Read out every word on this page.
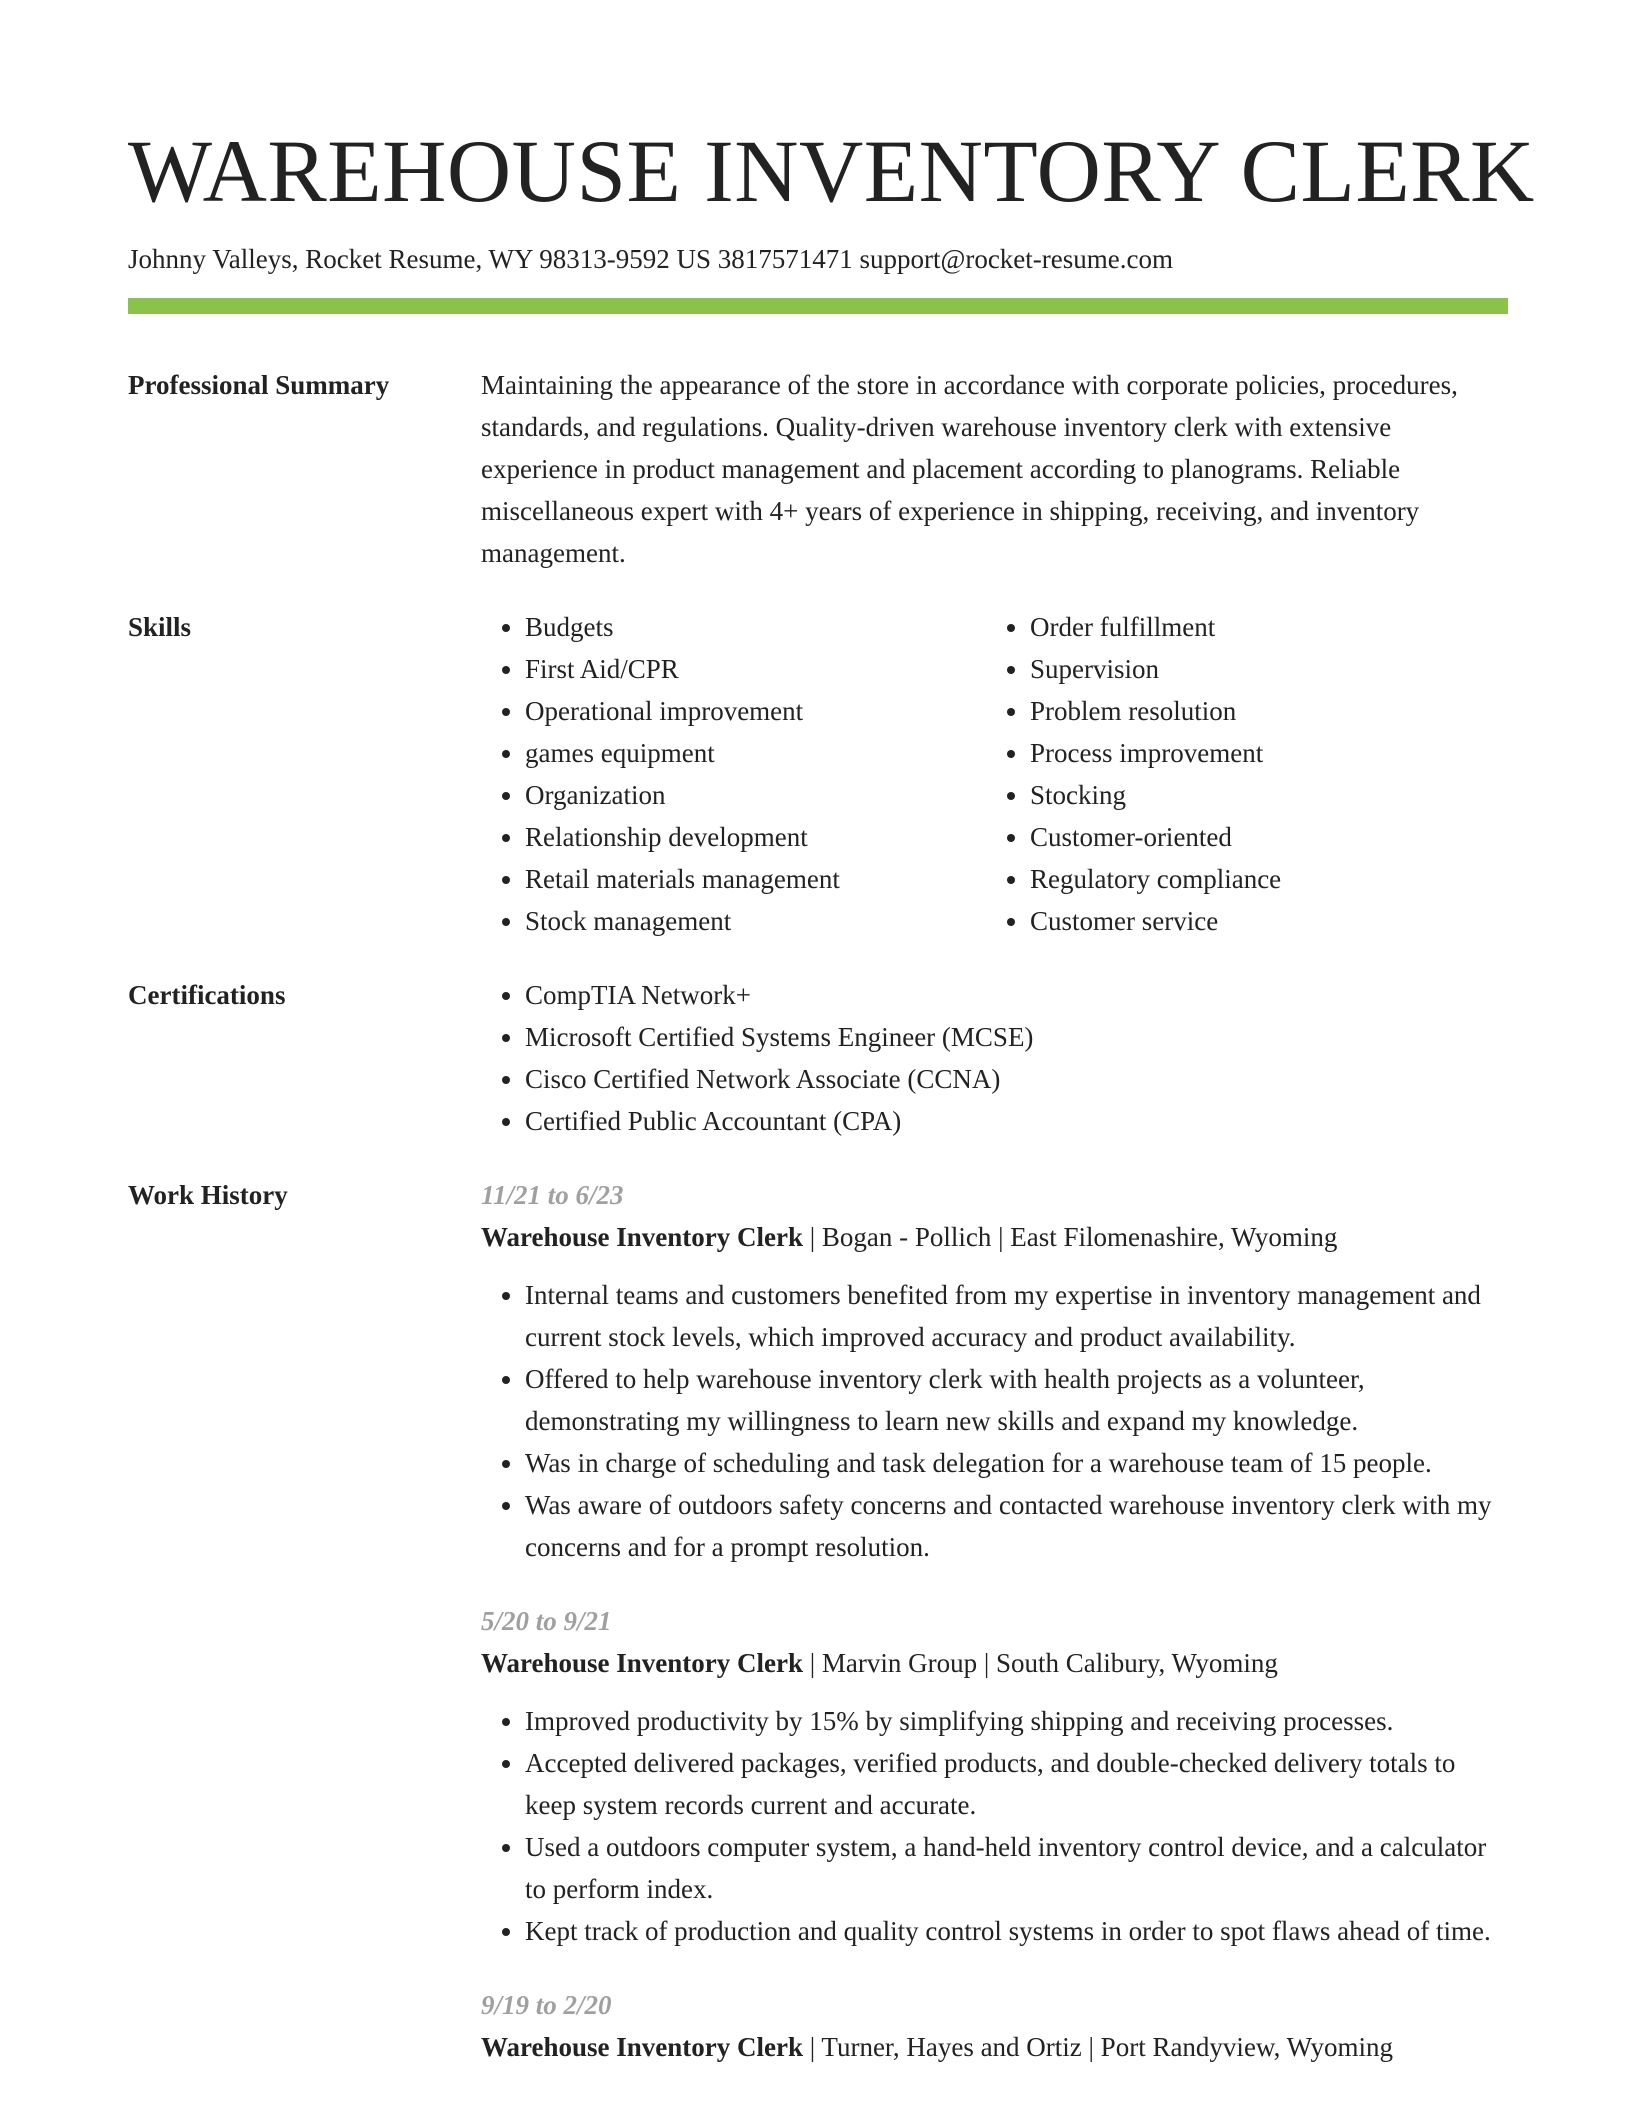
WAREHOUSE INVENTORY CLERK
Johnny Valleys, Rocket Resume, WY 98313-9592 US 3817571471 support@rocket-resume.com
Professional Summary	Maintaining the appearance of the store in accordance with corporate policies, procedures, standards, and regulations. Quality-driven warehouse inventory clerk with extensive experience in product management and placement according to planograms. Reliable miscellaneous expert with 4+ years of experience in shipping, receiving, and inventory management.
Skills	• Budgets
• First Aid/CPR
• Operational improvement
• games equipment
• Organization
• Relationship development
• Retail materials management
• Stock management
• Order fulfillment
• Supervision
• Problem resolution
• Process improvement
• Stocking
• Customer-oriented
• Regulatory compliance
• Customer service
Certifications	• CompTIA Network+
• Microsoft Certified Systems Engineer (MCSE)
• Cisco Certified Network Associate (CCNA)
• Certified Public Accountant (CPA)
Work History	11/21 to 6/23
Warehouse Inventory Clerk | Bogan - Pollich | East Filomenashire, Wyoming
• Internal teams and customers benefited from my expertise in inventory management and current stock levels, which improved accuracy and product availability.
• Offered to help warehouse inventory clerk with health projects as a volunteer, demonstrating my willingness to learn new skills and expand my knowledge.
• Was in charge of scheduling and task delegation for a warehouse team of 15 people.
• Was aware of outdoors safety concerns and contacted warehouse inventory clerk with my concerns and for a prompt resolution.
5/20 to 9/21
Warehouse Inventory Clerk | Marvin Group | South Calibury, Wyoming
• Improved productivity by 15% by simplifying shipping and receiving processes.
• Accepted delivered packages, verified products, and double-checked delivery totals to keep system records current and accurate.
• Used a outdoors computer system, a hand-held inventory control device, and a calculator to perform index.
• Kept track of production and quality control systems in order to spot flaws ahead of time.
9/19 to 2/20
Warehouse Inventory Clerk | Turner, Hayes and Ortiz | Port Randyview, Wyoming
